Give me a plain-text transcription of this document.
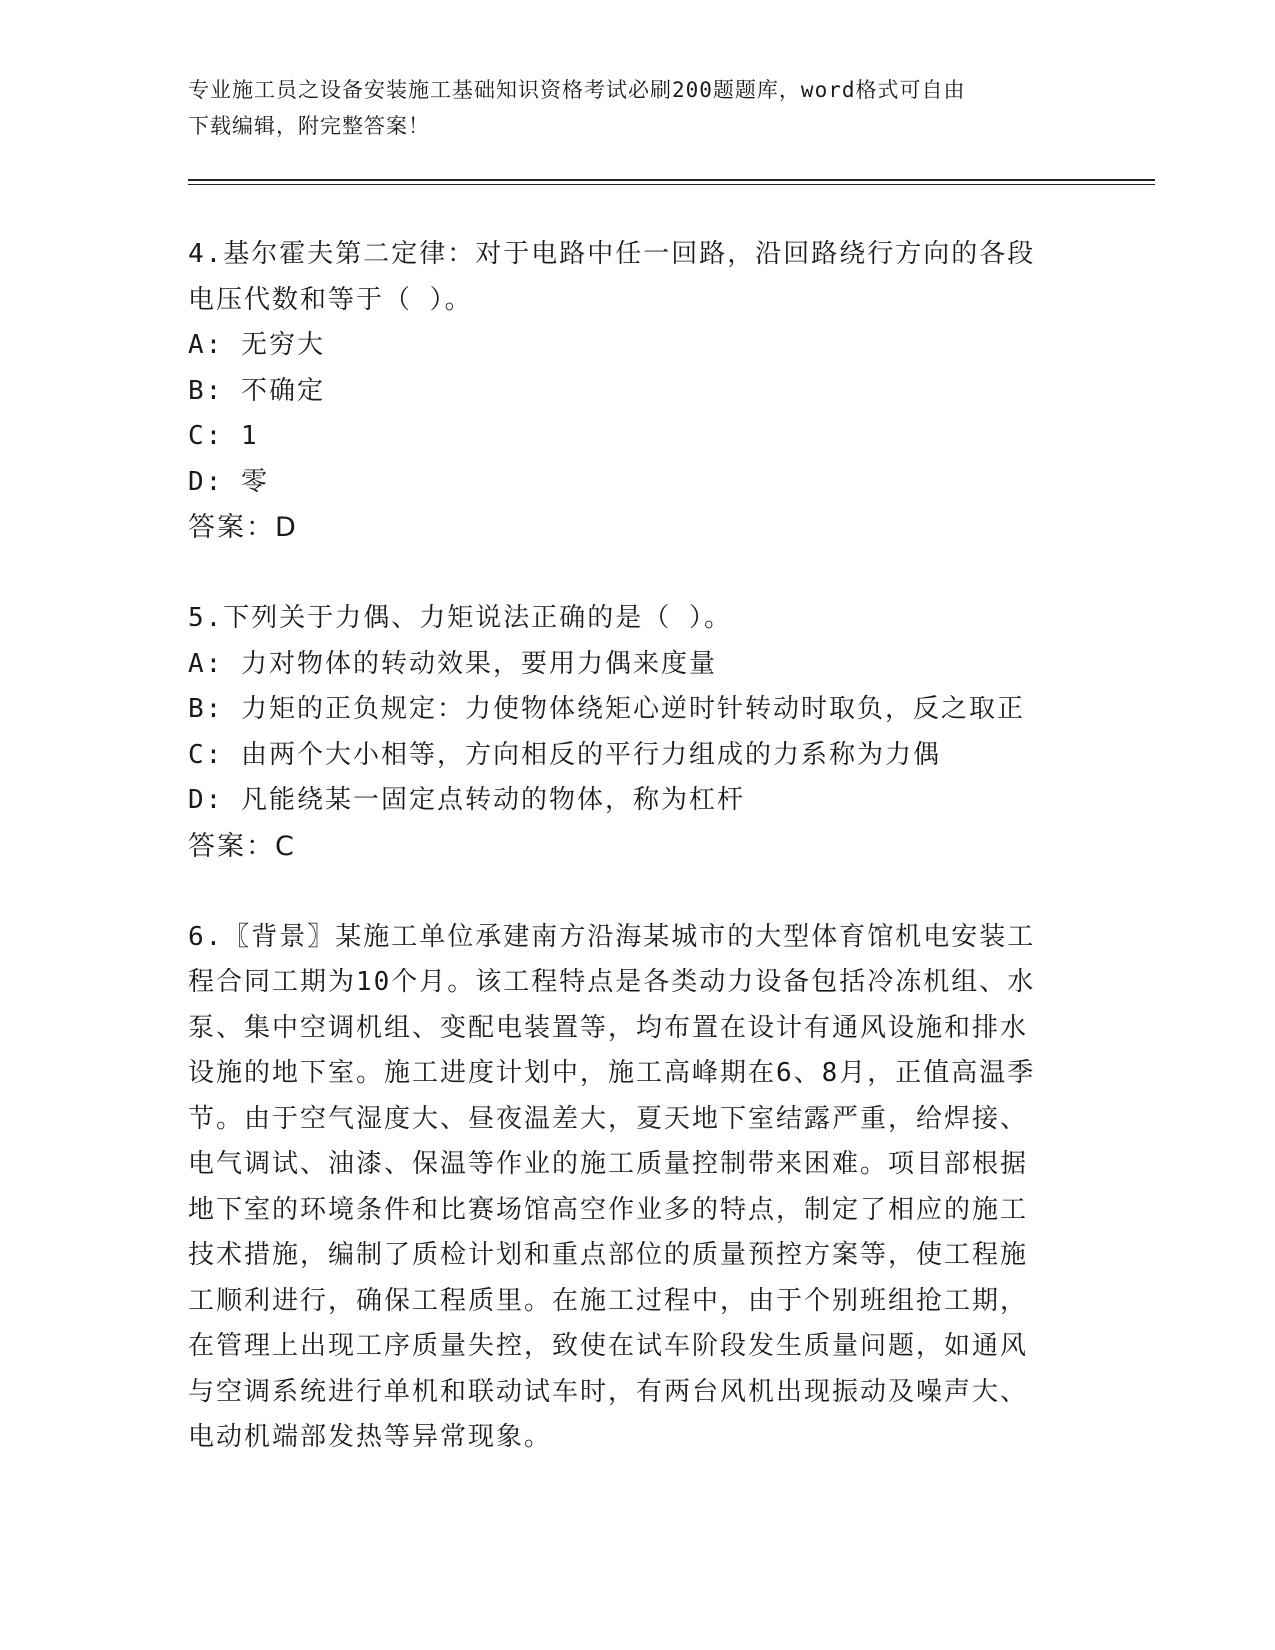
专业施工员之设备安装施工基础知识资格考试必刷200题题库，word格式可自由
下载编辑，附完整答案！
4.基尔霍夫第二定律：对于电路中任一回路，沿回路绕行方向的各段
电压代数和等于（ ）。
A: 无穷大
B: 不确定
C: 1
D: 零
答案：D
5.下列关于力偶、力矩说法正确的是（ ）。
A: 力对物体的转动效果，要用力偶来度量
B: 力矩的正负规定：力使物体绕矩心逆时针转动时取负，反之取正
C: 由两个大小相等，方向相反的平行力组成的力系称为力偶
D: 凡能绕某一固定点转动的物体，称为杠杆
答案：C
6.〖背景〗某施工单位承建南方沿海某城市的大型体育馆机电安装工
程合同工期为10个月。该工程特点是各类动力设备包括冷冻机组、水
泵、集中空调机组、变配电装置等，均布置在设计有通风设施和排水
设施的地下室。施工进度计划中，施工高峰期在6、8月，正值高温季
节。由于空气湿度大、昼夜温差大，夏天地下室结露严重，给焊接、
电气调试、油漆、保温等作业的施工质量控制带来困难。项目部根据
地下室的环境条件和比赛场馆高空作业多的特点，制定了相应的施工
技术措施，编制了质检计划和重点部位的质量预控方案等，使工程施
工顺利进行，确保工程质里。在施工过程中，由于个别班组抢工期，
在管理上出现工序质量失控，致使在试车阶段发生质量问题，如通风
与空调系统进行单机和联动试车时，有两台风机出现振动及噪声大、
电动机端部发热等异常现象。
